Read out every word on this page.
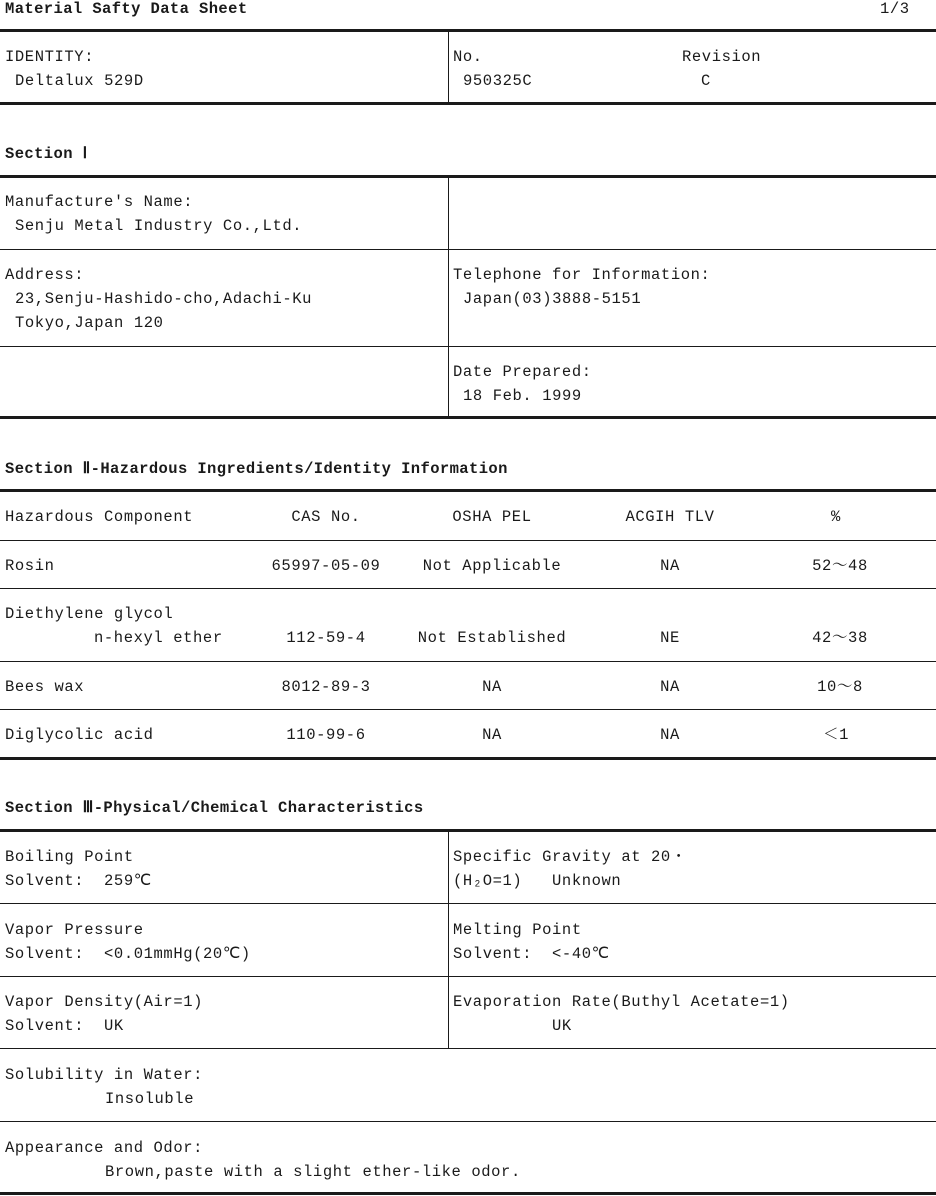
Material Safty Data Sheet	1/3
IDENTITY:
Deltalux 529D
No.
950325C
Revision
C
Section Ⅰ
Manufacture's Name:
Senju Metal Industry Co.,Ltd.
Address:
23,Senju-Hashido-cho,Adachi-Ku
Tokyo,Japan 120
Telephone for Information:
Japan(03)3888-5151
Date Prepared:
18 Feb. 1999
Section Ⅱ-Hazardous Ingredients/Identity Information
Hazardous Component	CAS No.	OSHA PEL	ACGIH TLV	%
Rosin	65997-05-09	Not Applicable	NA	52～48
Diethylene glycol
n-hexyl ether	112-59-4	Not Established	NE	42～38
Bees wax	8012-89-3	NA	NA	10～8
Diglycolic acid	110-99-6	NA	NA	＜1
Section Ⅲ-Physical/Chemical Characteristics
Boiling Point
Solvent:  259℃
Specific Gravity at 20・
(H₂O=1)   Unknown
Vapor Pressure
Solvent:  <0.01mmHg(20℃)
Melting Point
Solvent:  <-40℃
Vapor Density(Air=1)
Solvent:  UK
Evaporation Rate(Buthyl Acetate=1)
UK
Solubility in Water:
Insoluble
Appearance and Odor:
Brown,paste with a slight ether-like odor.
